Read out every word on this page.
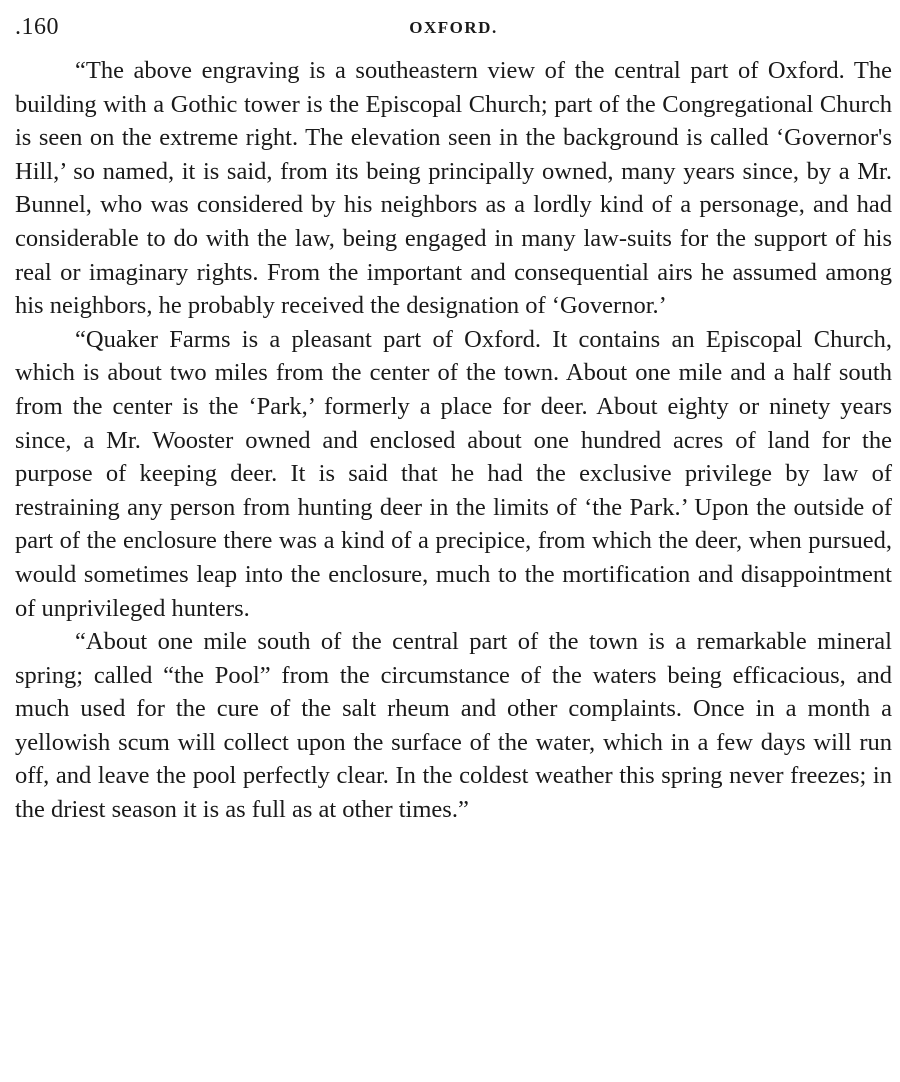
.160	OXFORD.

“The above engraving is a southeastern view of the central part of Oxford. The building with a Gothic tower is the Episcopal Church; part of the Congregational Church is seen on the extreme right. The elevation seen in the background is called ‘Governor's Hill,’ so named, it is said, from its being principally owned, many years since, by a Mr. Bunnel, who was considered by his neighbors as a lordly kind of a personage, and had considerable to do with the law, being engaged in many law-suits for the support of his real or imaginary rights. From the important and consequential airs he assumed among his neighbors, he probably received the designation of ‘Governor.’

“Quaker Farms is a pleasant part of Oxford. It contains an Episcopal Church, which is about two miles from the center of the town. About one mile and a half south from the center is the ‘Park,’ formerly a place for deer. About eighty or ninety years since, a Mr. Wooster owned and enclosed about one hundred acres of land for the purpose of keeping deer. It is said that he had the exclusive privilege by law of restraining any person from hunting deer in the limits of ‘the Park.’ Upon the outside of part of the enclosure there was a kind of a precipice, from which the deer, when pursued, would sometimes leap into the enclosure, much to the mortification and disappointment of unprivileged hunters.

“About one mile south of the central part of the town is a remarkable mineral spring; called “the Pool” from the circumstance of the waters being efficacious, and much used for the cure of the salt rheum and other complaints. Once in a month a yellowish scum will collect upon the surface of the water, which in a few days will run off, and leave the pool perfectly clear. In the coldest weather this spring never freezes; in the driest season it is as full as at other times.”
